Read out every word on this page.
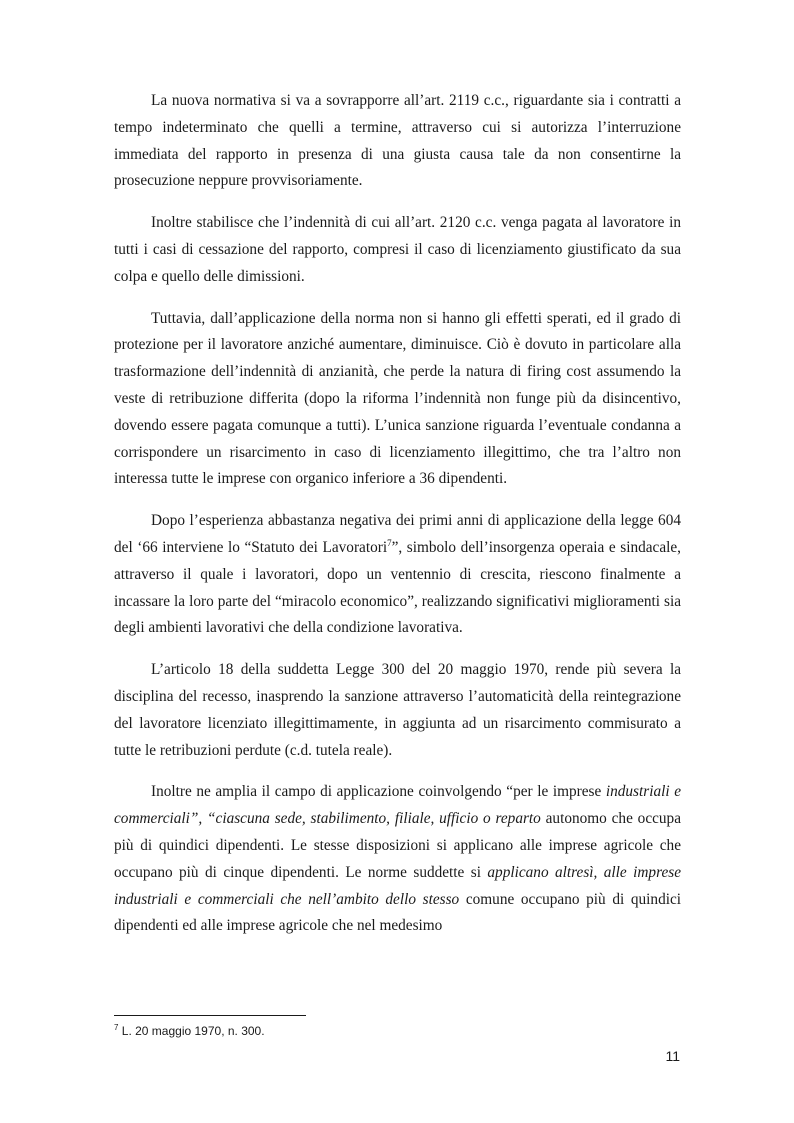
La nuova normativa si va a sovrapporre all’art. 2119 c.c., riguardante sia i contratti a tempo indeterminato che quelli a termine, attraverso cui si autorizza l’interruzione immediata del rapporto in presenza di una giusta causa tale da non consentirne la prosecuzione neppure provvisoriamente.

Inoltre stabilisce che l’indennità di cui all’art. 2120 c.c. venga pagata al lavoratore in tutti i casi di cessazione del rapporto, compresi il caso di licenziamento giustificato da sua colpa e quello delle dimissioni.

Tuttavia, dall’applicazione della norma non si hanno gli effetti sperati, ed il grado di protezione per il lavoratore anziché aumentare, diminuisce. Ciò è dovuto in particolare alla trasformazione dell’indennità di anzianità, che perde la natura di firing cost assumendo la veste di retribuzione differita (dopo la riforma l’indennità non funge più da disincentivo, dovendo essere pagata comunque a tutti). L’unica sanzione riguarda l’eventuale condanna a corrispondere un risarcimento in caso di licenziamento illegittimo, che tra l’altro non interessa tutte le imprese con organico inferiore a 36 dipendenti.

Dopo l’esperienza abbastanza negativa dei primi anni di applicazione della legge 604 del ‘66 interviene lo “Statuto dei Lavoratori$^7$”, simbolo dell’insorgenza operaia e sindacale, attraverso il quale i lavoratori, dopo un ventennio di crescita, riescono finalmente a incassare la loro parte del “miracolo economico”, realizzando significativi miglioramenti sia degli ambienti lavorativi che della condizione lavorativa.

L’articolo 18 della suddetta Legge 300 del 20 maggio 1970, rende più severa la disciplina del recesso, inasprendo la sanzione attraverso l’automaticità della reintegrazione del lavoratore licenziato illegittimamente, in aggiunta ad un risarcimento commisurato a tutte le retribuzioni perdute (c.d. tutela reale).

Inoltre ne amplia il campo di applicazione coinvolgendo “per le imprese industriali e commerciali”, “ciascuna sede, stabilimento, filiale, ufficio o reparto autonomo che occupa più di quindici dipendenti. Le stesse disposizioni si applicano alle imprese agricole che occupano più di cinque dipendenti. Le norme suddette si applicano altresì, alle imprese industriali e commerciali che nell’ambito dello stesso comune occupano più di quindici dipendenti ed alle imprese agricole che nel medesimo

$^7$ L. 20 maggio 1970, n. 300.
11
